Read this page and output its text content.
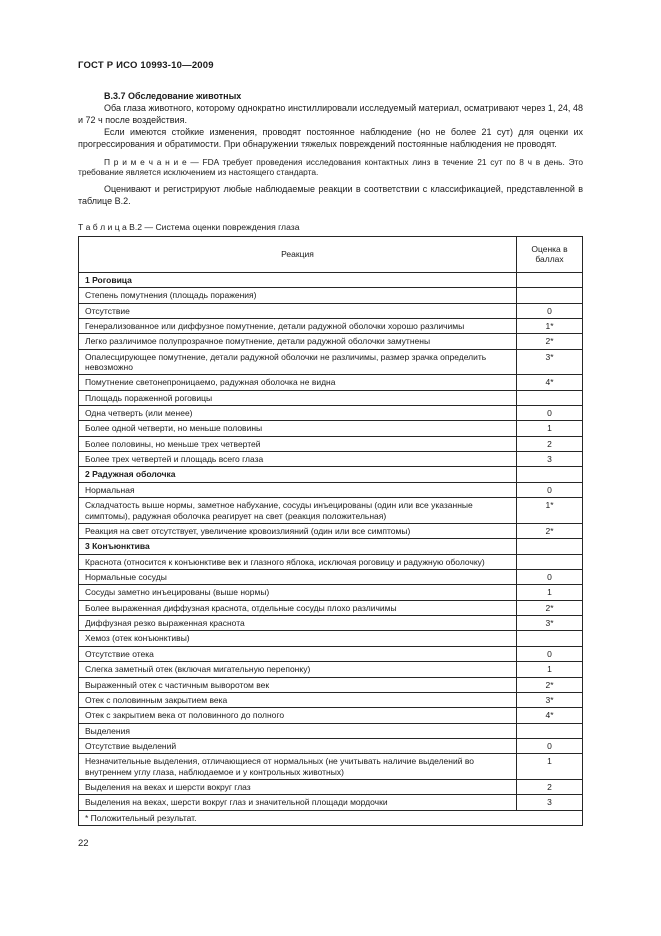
ГОСТ Р ИСО 10993-10—2009
В.3.7 Обследование животных

Оба глаза животного, которому однократно инстиллировали исследуемый материал, осматривают через 1, 24, 48 и 72 ч после воздействия.

Если имеются стойкие изменения, проводят постоянное наблюдение (но не более 21 сут) для оценки их прогрессирования и обратимости. При обнаружении тяжелых повреждений постоянные наблюдения не проводят.

П р и м е ч а н и е — FDA требует проведения исследования контактных линз в течение 21 сут по 8 ч в день. Это требование является исключением из настоящего стандарта.

Оценивают и регистрируют любые наблюдаемые реакции в соответствии с классификацией, представленной в таблице В.2.

Т а б л и ц а В.2 — Система оценки повреждения глаза
Реакция	Оценка в баллах
1 Роговица	
Степень помутнения (площадь поражения)	
Отсутствие	0
Генерализованное или диффузное помутнение, детали радужной оболочки хорошо различимы	1*
Легко различимое полупрозрачное помутнение, детали радужной оболочки замутнены	2*
Опалесцирующее помутнение, детали радужной оболочки не различимы, размер зрачка определить невозможно	3*
Помутнение светонепроницаемо, радужная оболочка не видна	4*
Площадь пораженной роговицы	
Одна четверть (или менее)	0
Более одной четверти, но меньше половины	1
Более половины, но меньше трех четвертей	2
Более трех четвертей и площадь всего глаза	3
2 Радужная оболочка	
Нормальная	0
Складчатость выше нормы, заметное набухание, сосуды инъецированы (один или все указанные симптомы), радужная оболочка реагирует на свет (реакция положительная)	1*
Реакция на свет отсутствует, увеличение кровоизлияний (один или все симптомы)	2*
3 Конъюнктива	
Краснота (относится к конъюнктиве век и глазного яблока, исключая роговицу и радужную оболочку)	
Нормальные сосуды	0
Сосуды заметно инъецированы (выше нормы)	1
Более выраженная диффузная краснота, отдельные сосуды плохо различимы	2*
Диффузная резко выраженная краснота	3*
Хемоз (отек конъюнктивы)	
Отсутствие отека	0
Слегка заметный отек (включая мигательную перепонку)	1
Выраженный отек с частичным выворотом век	2*
Отек с половинным закрытием века	3*
Отек с закрытием века от половинного до полного	4*
Выделения	
Отсутствие выделений	0
Незначительные выделения, отличающиеся от нормальных (не учитывать наличие выделений во внутреннем углу глаза, наблюдаемое и у контрольных животных)	1
Выделения на веках и шерсти вокруг глаз	2
Выделения на веках, шерсти вокруг глаз и значительной площади мордочки	3
* Положительный результат.	
22
